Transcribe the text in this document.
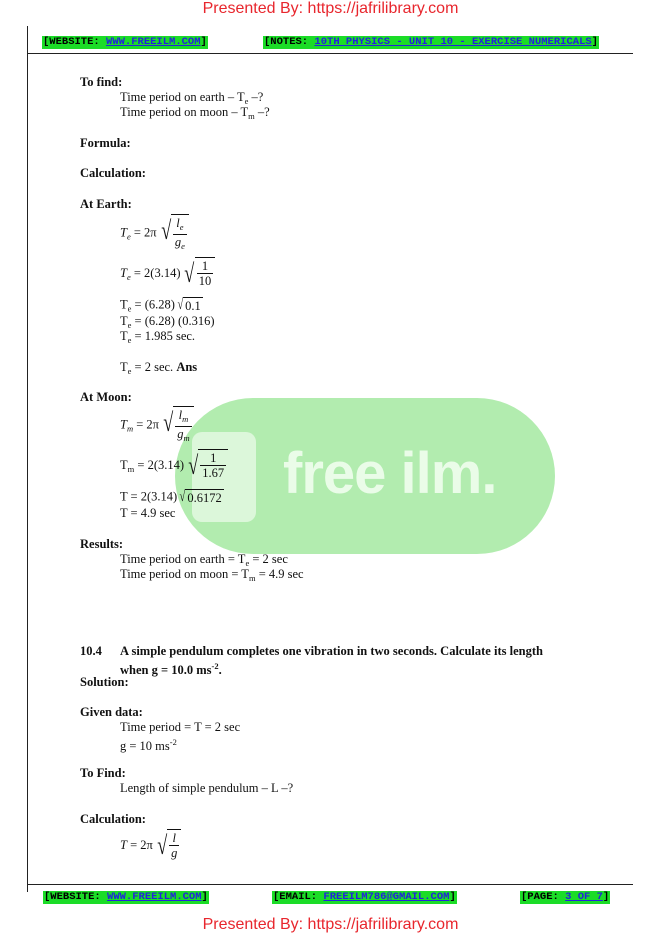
Presented By: https://jafrilibrary.com
[WEBSITE: WWW.FREEILM.COM]	[NOTES: 10TH PHYSICS - UNIT 10 - EXERCISE NUMERICALS]
free ilm.
To find:
Time period on earth – $T_e$ –?
Time period on moon – $T_m$ –?
Formula:
Calculation:
At Earth:
$T_e = 2\pi$ √ $\frac{l_e}{g_e}$
$T_e = 2(3.14)$ √ $\frac{1}{10}$
$T_e = (6.28)$ √ 0.1
$T_e = (6.28)$ (0.316)
$T_e = 1.985$ sec.
$T_e = 2$ sec. Ans
At Moon:
$T_m = 2\pi$ √ $\frac{l_m}{g_m}$
$T_m = 2(3.14)$ √ $\frac{1}{1.67}$
T = 2(3.14) √ 0.6172
T = 4.9 sec
Results:
Time period on earth = $T_e = 2$ sec
Time period on moon = $T_m = 4.9$ sec
10.4 A simple pendulum completes one vibration in two seconds. Calculate its length
when g = 10.0 $ms^{-2}$.
Solution:
Given data:
Time period = T = 2 sec
g = 10 $ms^{-2}$
To Find:
Length of simple pendulum – L –?
Calculation:
T = 2π √ $\frac{l}{g}$
[WEBSITE: WWW.FREEILM.COM]	[EMAIL: FREEILM786@GMAIL.COM]	[PAGE: 3 OF 7]
Presented By: https://jafrilibrary.com
